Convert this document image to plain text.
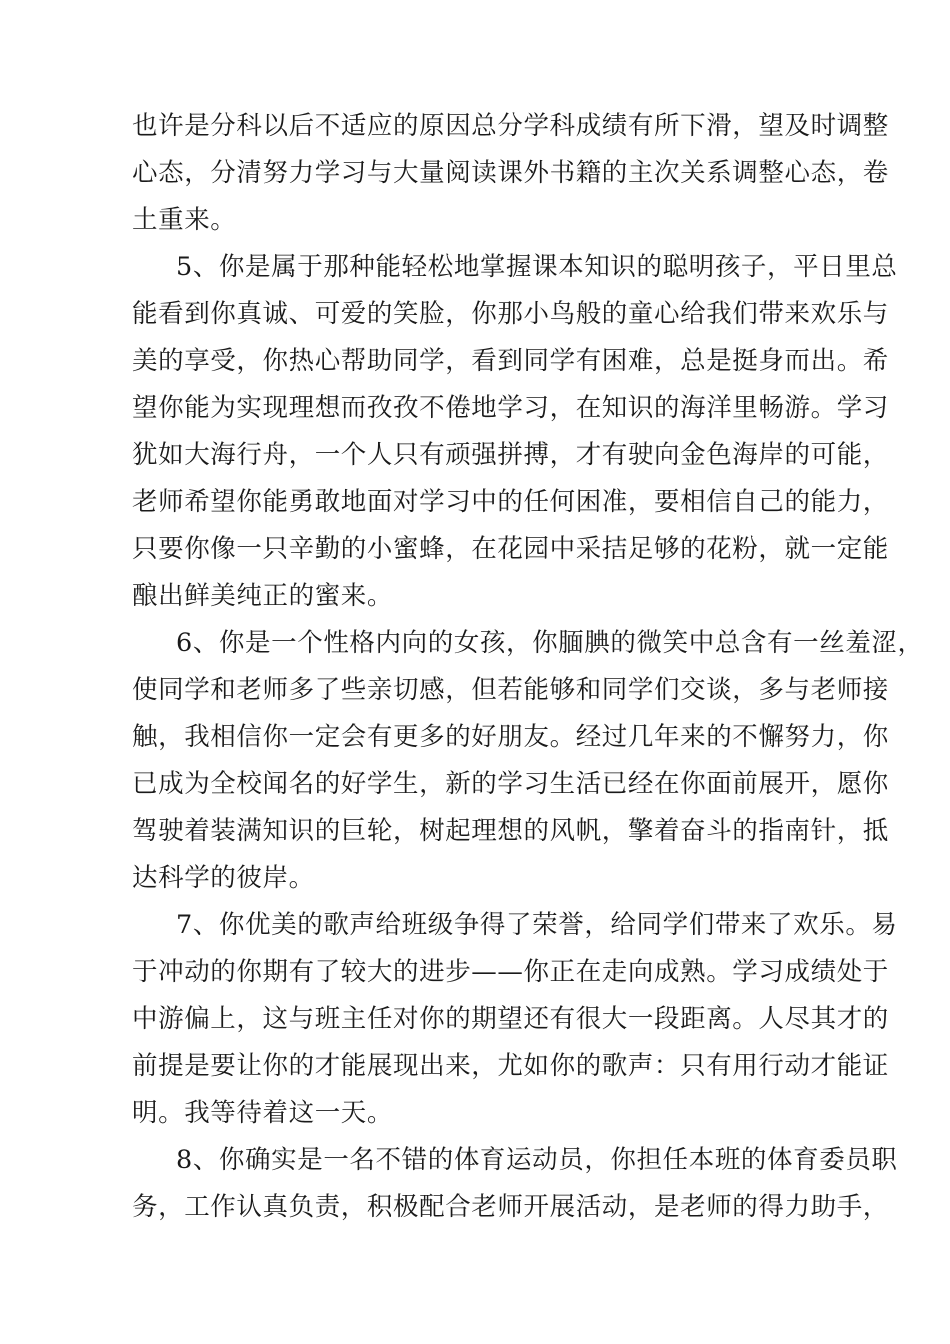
也许是分科以后不适应的原因总分学科成绩有所下滑，望及时调整
心态，分清努力学习与大量阅读课外书籍的主次关系调整心态，卷
土重来。
5、你是属于那种能轻松地掌握课本知识的聪明孩子，平日里总
能看到你真诚、可爱的笑脸，你那小鸟般的童心给我们带来欢乐与
美的享受，你热心帮助同学，看到同学有困难，总是挺身而出。希
望你能为实现理想而孜孜不倦地学习，在知识的海洋里畅游。学习
犹如大海行舟，一个人只有顽强拼搏，才有驶向金色海岸的可能，
老师希望你能勇敢地面对学习中的任何困准，要相信自己的能力，
只要你像一只辛勤的小蜜蜂，在花园中采拮足够的花粉，就一定能
酿出鲜美纯正的蜜来。
6、你是一个性格内向的女孩，你腼腆的微笑中总含有一丝羞涩，
使同学和老师多了些亲切感，但若能够和同学们交谈，多与老师接
触，我相信你一定会有更多的好朋友。经过几年来的不懈努力，你
已成为全校闻名的好学生，新的学习生活已经在你面前展开，愿你
驾驶着装满知识的巨轮，树起理想的风帆，擎着奋斗的指南针，抵
达科学的彼岸。
7、你优美的歌声给班级争得了荣誉，给同学们带来了欢乐。易
于冲动的你期有了较大的进步——你正在走向成熟。学习成绩处于
中游偏上，这与班主任对你的期望还有很大一段距离。人尽其才的
前提是要让你的才能展现出来，尤如你的歌声：只有用行动才能证
明。我等待着这一天。
8、你确实是一名不错的体育运动员，你担任本班的体育委员职
务，工作认真负责，积极配合老师开展活动，是老师的得力助手，
